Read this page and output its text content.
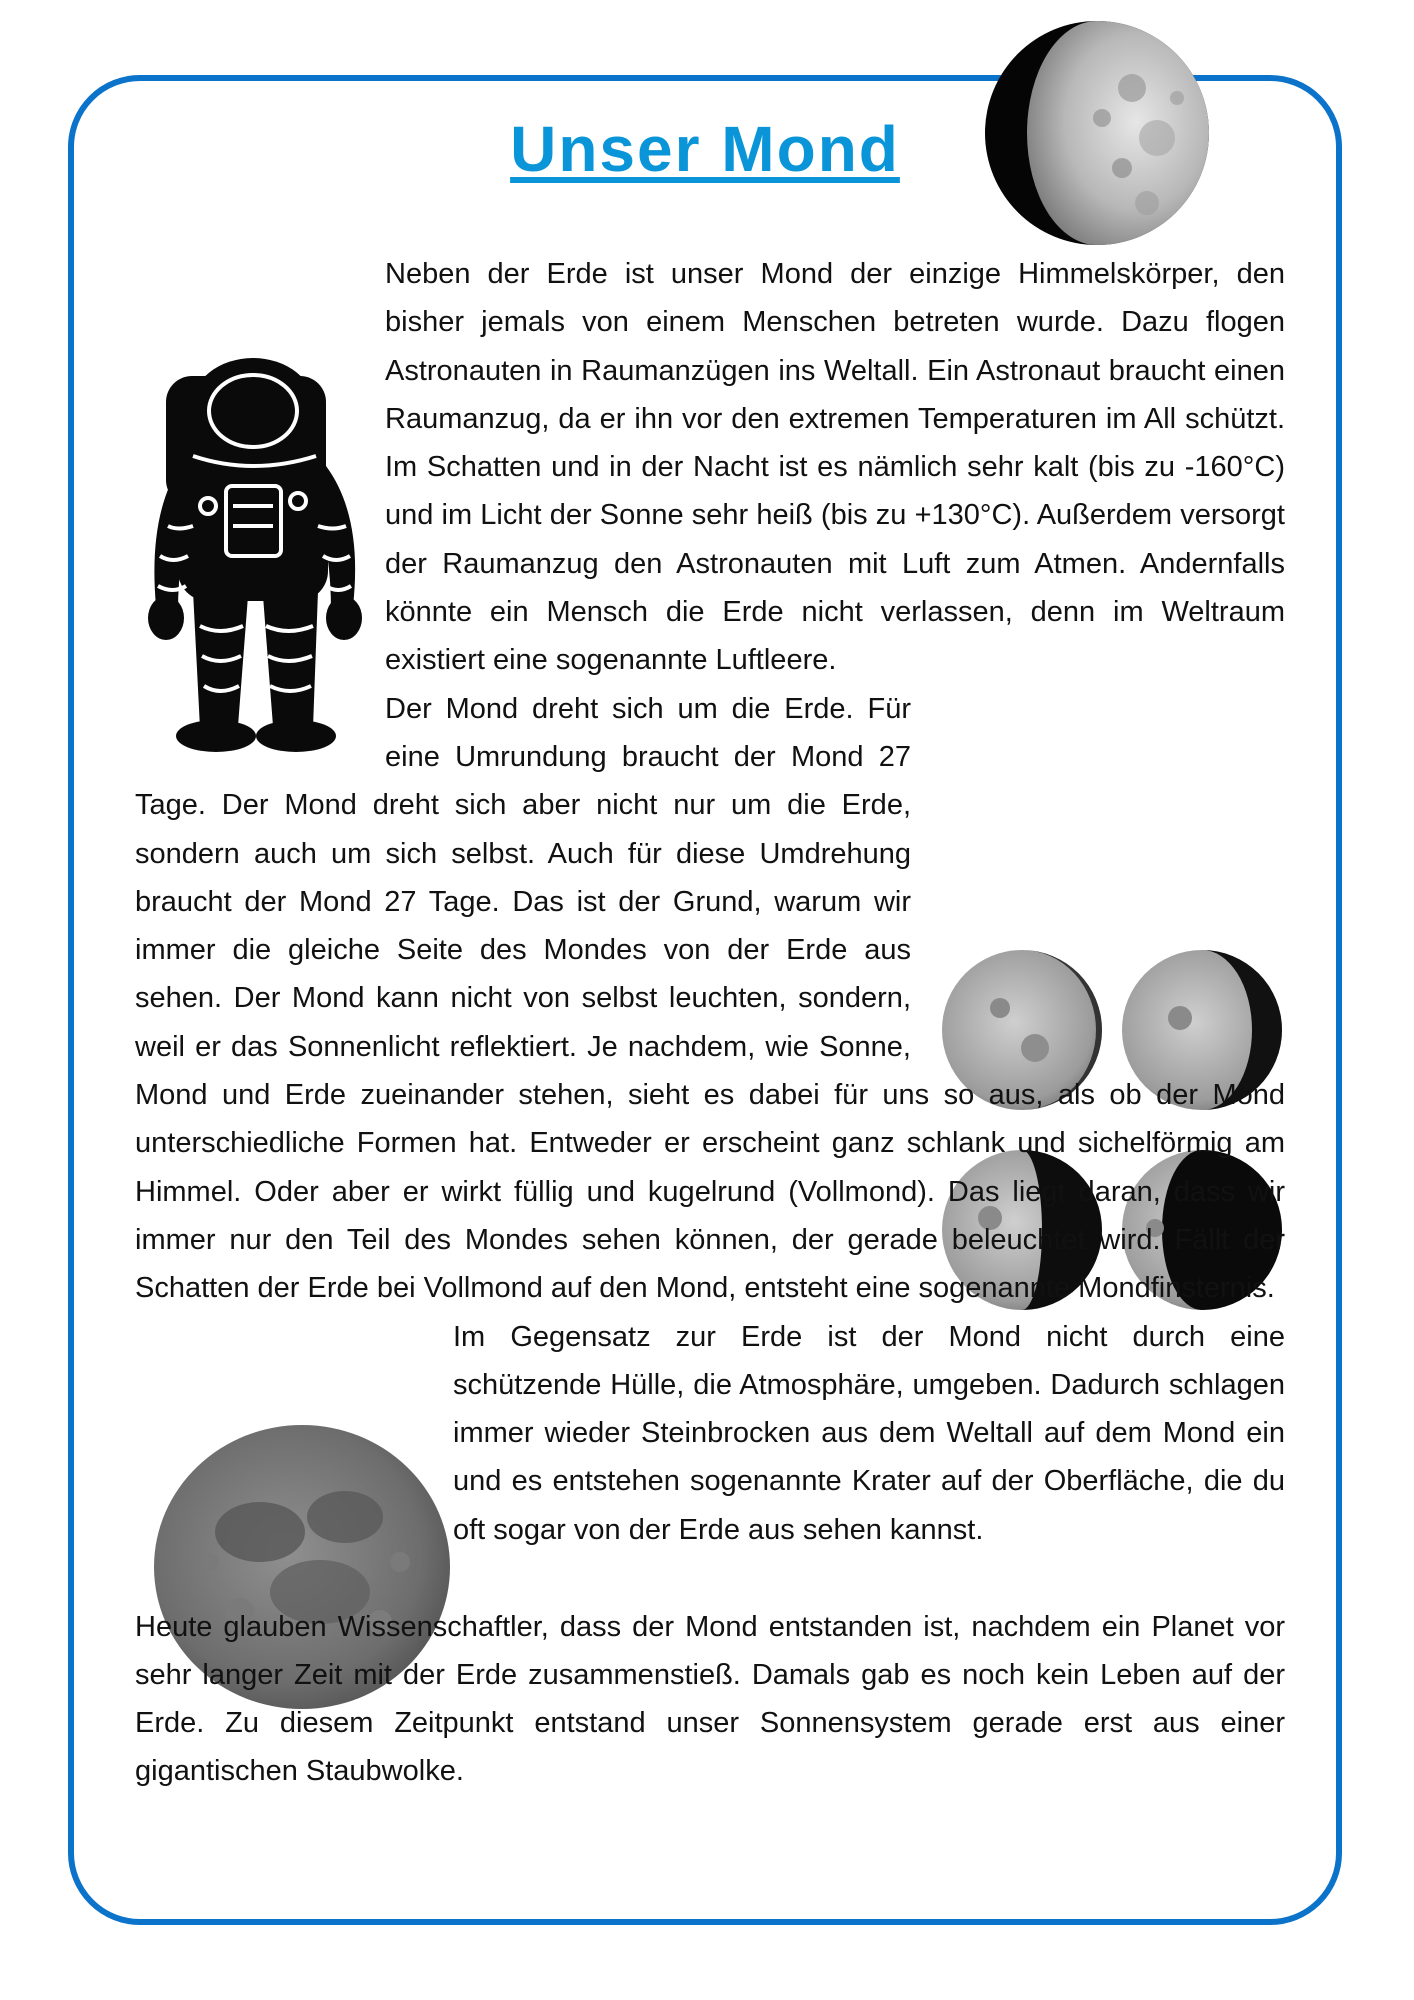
Unser Mond

Neben der Erde ist unser Mond der einzige Himmelskörper, den bisher jemals von einem Menschen betreten wurde. Dazu flogen Astronauten in Raumanzügen ins Weltall. Ein Astronaut braucht einen Raumanzug, da er ihn vor den extremen Temperaturen im All schützt. Im Schatten und in der Nacht ist es nämlich sehr kalt (bis zu -160°C) und im Licht der Sonne sehr heiß (bis zu +130°C). Außerdem versorgt der Raumanzug den Astronauten mit Luft zum Atmen. Andernfalls könnte ein Mensch die Erde nicht verlassen, denn im Weltraum existiert eine sogenannte Luftleere.

Der Mond dreht sich um die Erde. Für eine Umrundung braucht der Mond 27 Tage. Der Mond dreht sich aber nicht nur um die Erde, sondern auch um sich selbst. Auch für diese Umdrehung braucht der Mond 27 Tage. Das ist der Grund, warum wir immer die gleiche Seite des Mondes von der Erde aus sehen. Der Mond kann nicht von selbst leuchten, sondern, weil er das Sonnenlicht reflektiert. Je nachdem, wie Sonne, Mond und Erde zueinander stehen, sieht es dabei für uns so aus, als ob der Mond unterschiedliche Formen hat. Entweder er erscheint ganz schlank und sichelförmig am Himmel. Oder aber er wirkt füllig und kugelrund (Vollmond). Das liegt daran, dass wir immer nur den Teil des Mondes sehen können, der gerade beleuchtet wird. Fällt der Schatten der Erde bei Vollmond auf den Mond, entsteht eine sogenannte Mondfinsternis.

Im Gegensatz zur Erde ist der Mond nicht durch eine schützende Hülle, die Atmosphäre, umgeben. Dadurch schlagen immer wieder Steinbrocken aus dem Weltall auf dem Mond ein und es entstehen sogenannte Krater auf der Oberfläche, die du oft sogar von der Erde aus sehen kannst.

Heute glauben Wissenschaftler, dass der Mond entstanden ist, nachdem ein Planet vor sehr langer Zeit mit der Erde zusammenstieß. Damals gab es noch kein Leben auf der Erde. Zu diesem Zeitpunkt entstand unser Sonnensystem gerade erst aus einer gigantischen Staubwolke.
